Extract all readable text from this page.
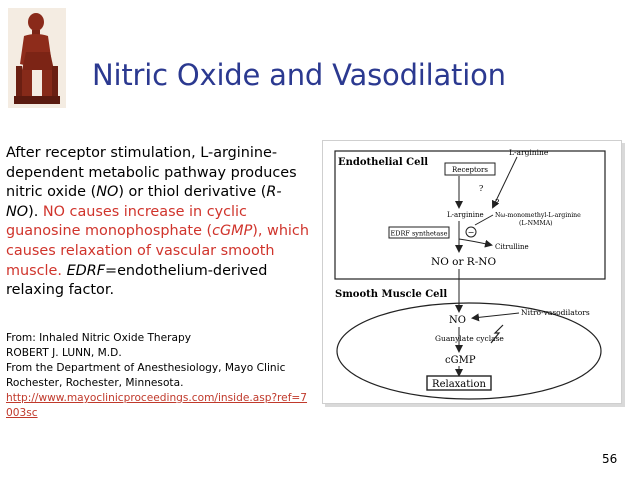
Nitric Oxide and Vasodilation
After receptor stimulation, L-arginine-dependent metabolic pathway produces nitric oxide (NO) or thiol derivative (R-NO). NO causes increase in cyclic guanosine monophosphate (cGMP), which causes relaxation of vascular smooth muscle. EDRF=endothelium-derived relaxing factor.
From: Inhaled Nitric Oxide Therapy
ROBERT J. LUNN, M.D.
From the Department of Anesthesiology, Mayo Clinic Rochester, Rochester, Minnesota.
http://www.mayoclinicproceedings.com/inside.asp?ref=7003sc
Endothelial Cell
L-arginine
Receptors
?
?
L-arginine Nω-monomethyl-L-arginine
(L-NMMA)
EDRF synthetase	−
Citrulline
NO or R-NO
Smooth Muscle Cell
NO
Nitro-vasodilators
Guanylate cyclase
cGMP
Relaxation
56
